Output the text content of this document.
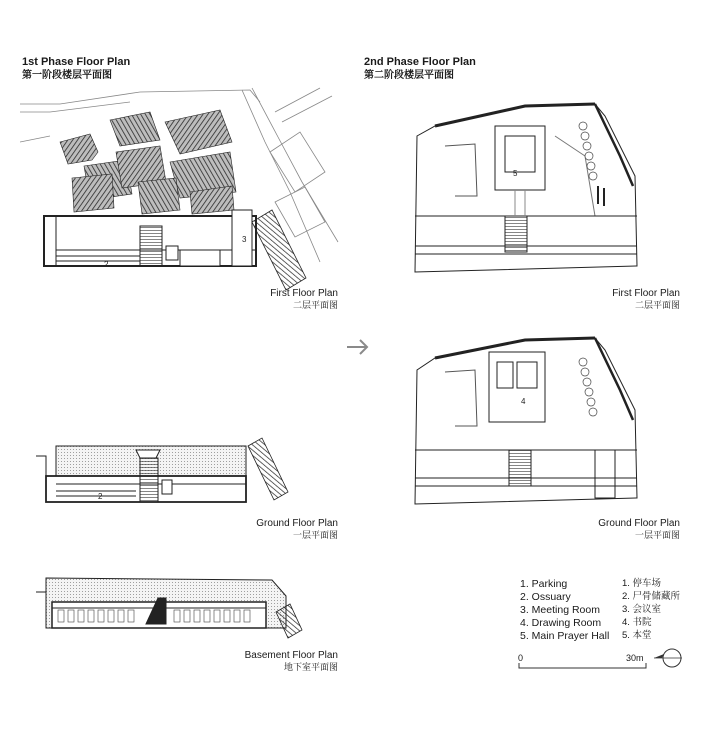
1st Phase Floor Plan
第一阶段楼层平面图
2nd Phase Floor Plan
第二阶段楼层平面图
3
2
First Floor Plan
二层平面图
5
First Floor Plan
二层平面图
4
Ground Floor Plan
一层平面图
2
Ground Floor Plan
一层平面图
Basement Floor Plan
地下室平面图
1. Parking
2. Ossuary
3. Meeting Room
4. Drawing Room
5. Main Prayer Hall
1. 停车场
2. 尸骨储藏所
3. 会议室
4. 书院
5. 本堂
0	30m
